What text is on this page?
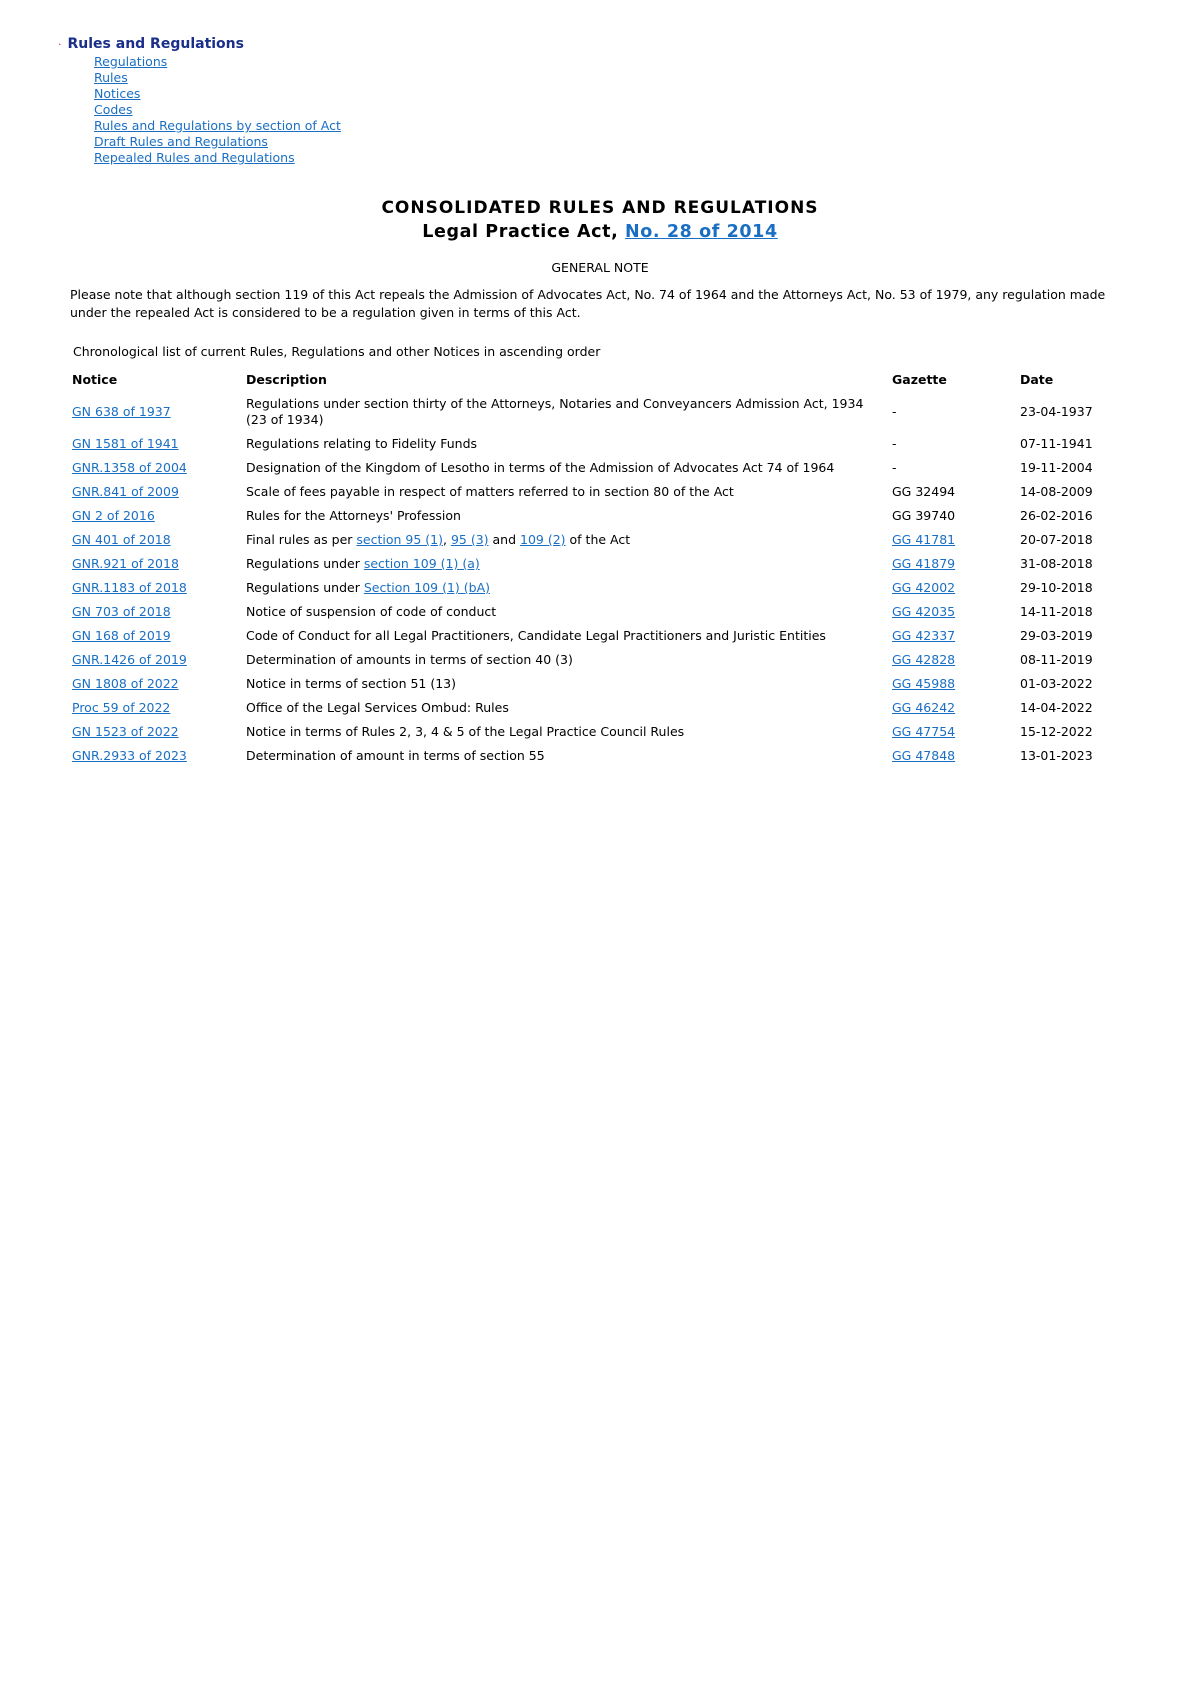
· Rules and Regulations
Regulations
Rules
Notices
Codes
Rules and Regulations by section of Act
Draft Rules and Regulations
Repealed Rules and Regulations
CONSOLIDATED RULES AND REGULATIONS
Legal Practice Act, No. 28 of 2014
GENERAL NOTE
Please note that although section 119 of this Act repeals the Admission of Advocates Act, No. 74 of 1964 and the Attorneys Act, No. 53 of 1979, any regulation made under the repealed Act is considered to be a regulation given in terms of this Act.
Chronological list of current Rules, Regulations and other Notices in ascending order
Notice	Description	Gazette	Date
GN 638 of 1937	Regulations under section thirty of the Attorneys, Notaries and Conveyancers Admission Act, 1934 (23 of 1934)	-	23-04-1937
GN 1581 of 1941	Regulations relating to Fidelity Funds	-	07-11-1941
GNR.1358 of 2004	Designation of the Kingdom of Lesotho in terms of the Admission of Advocates Act 74 of 1964	-	19-11-2004
GNR.841 of 2009	Scale of fees payable in respect of matters referred to in section 80 of the Act	GG 32494	14-08-2009
GN 2 of 2016	Rules for the Attorneys' Profession	GG 39740	26-02-2016
GN 401 of 2018	Final rules as per section 95 (1), 95 (3) and 109 (2) of the Act	GG 41781	20-07-2018
GNR.921 of 2018	Regulations under section 109 (1) (a)	GG 41879	31-08-2018
GNR.1183 of 2018	Regulations under Section 109 (1) (bA)	GG 42002	29-10-2018
GN 703 of 2018	Notice of suspension of code of conduct	GG 42035	14-11-2018
GN 168 of 2019	Code of Conduct for all Legal Practitioners, Candidate Legal Practitioners and Juristic Entities	GG 42337	29-03-2019
GNR.1426 of 2019	Determination of amounts in terms of section 40 (3)	GG 42828	08-11-2019
GN 1808 of 2022	Notice in terms of section 51 (13)	GG 45988	01-03-2022
Proc 59 of 2022	Office of the Legal Services Ombud: Rules	GG 46242	14-04-2022
GN 1523 of 2022	Notice in terms of Rules 2, 3, 4 & 5 of the Legal Practice Council Rules	GG 47754	15-12-2022
GNR.2933 of 2023	Determination of amount in terms of section 55	GG 47848	13-01-2023
